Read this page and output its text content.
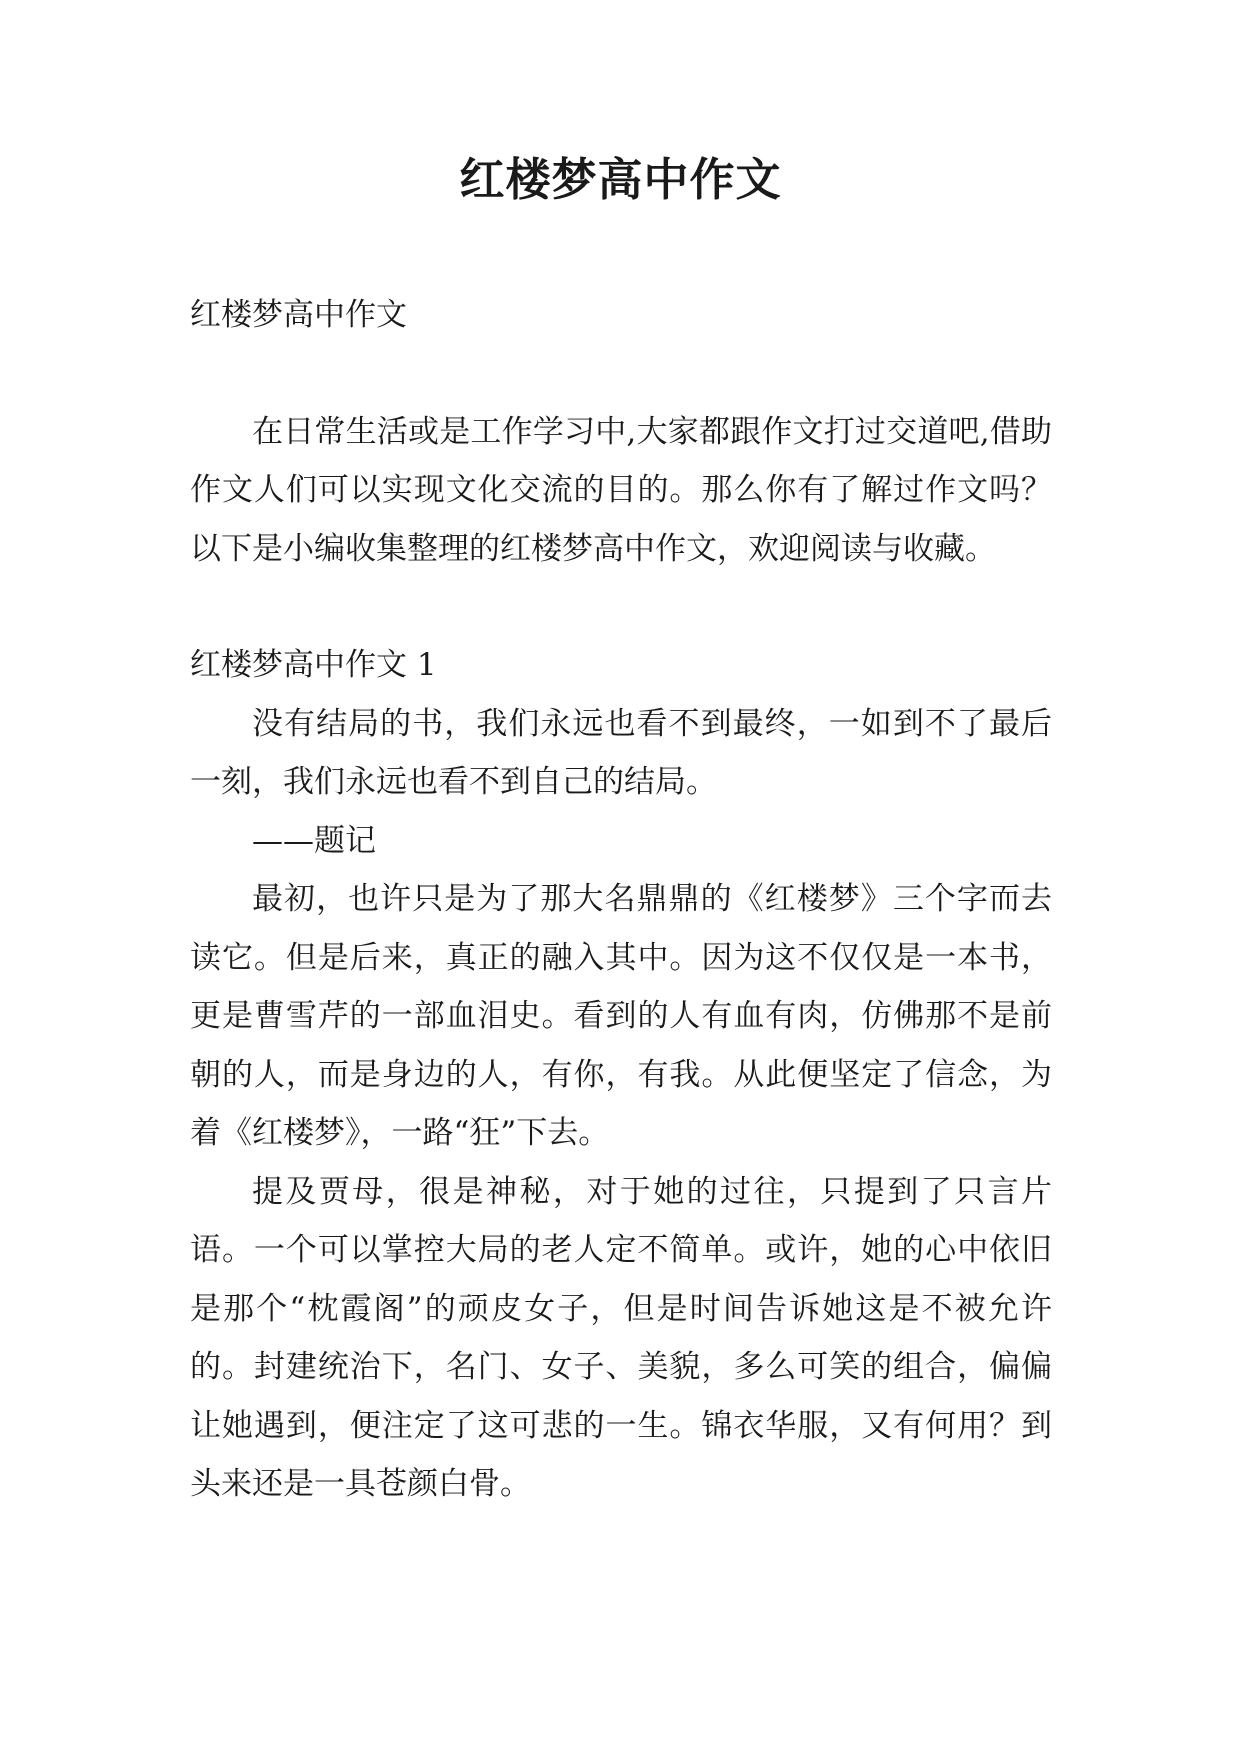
红楼梦高中作文

红楼梦高中作文

在日常生活或是工作学习中,大家都跟作文打过交道吧,借助作文人们可以实现文化交流的目的。那么你有了解过作文吗？以下是小编收集整理的红楼梦高中作文，欢迎阅读与收藏。

红楼梦高中作文 1

没有结局的书，我们永远也看不到最终，一如到不了最后一刻，我们永远也看不到自己的结局。

——题记

最初，也许只是为了那大名鼎鼎的《红楼梦》三个字而去读它。但是后来，真正的融入其中。因为这不仅仅是一本书，更是曹雪芹的一部血泪史。看到的人有血有肉，仿佛那不是前朝的人，而是身边的人，有你，有我。从此便坚定了信念，为着《红楼梦》，一路“狂”下去。

提及贾母，很是神秘，对于她的过往，只提到了只言片语。一个可以掌控大局的老人定不简单。或许，她的心中依旧是那个“枕霞阁”的顽皮女子，但是时间告诉她这是不被允许的。封建统治下，名门、女子、美貌，多么可笑的组合，偏偏让她遇到，便注定了这可悲的一生。锦衣华服，又有何用？到头来还是一具苍颜白骨。
